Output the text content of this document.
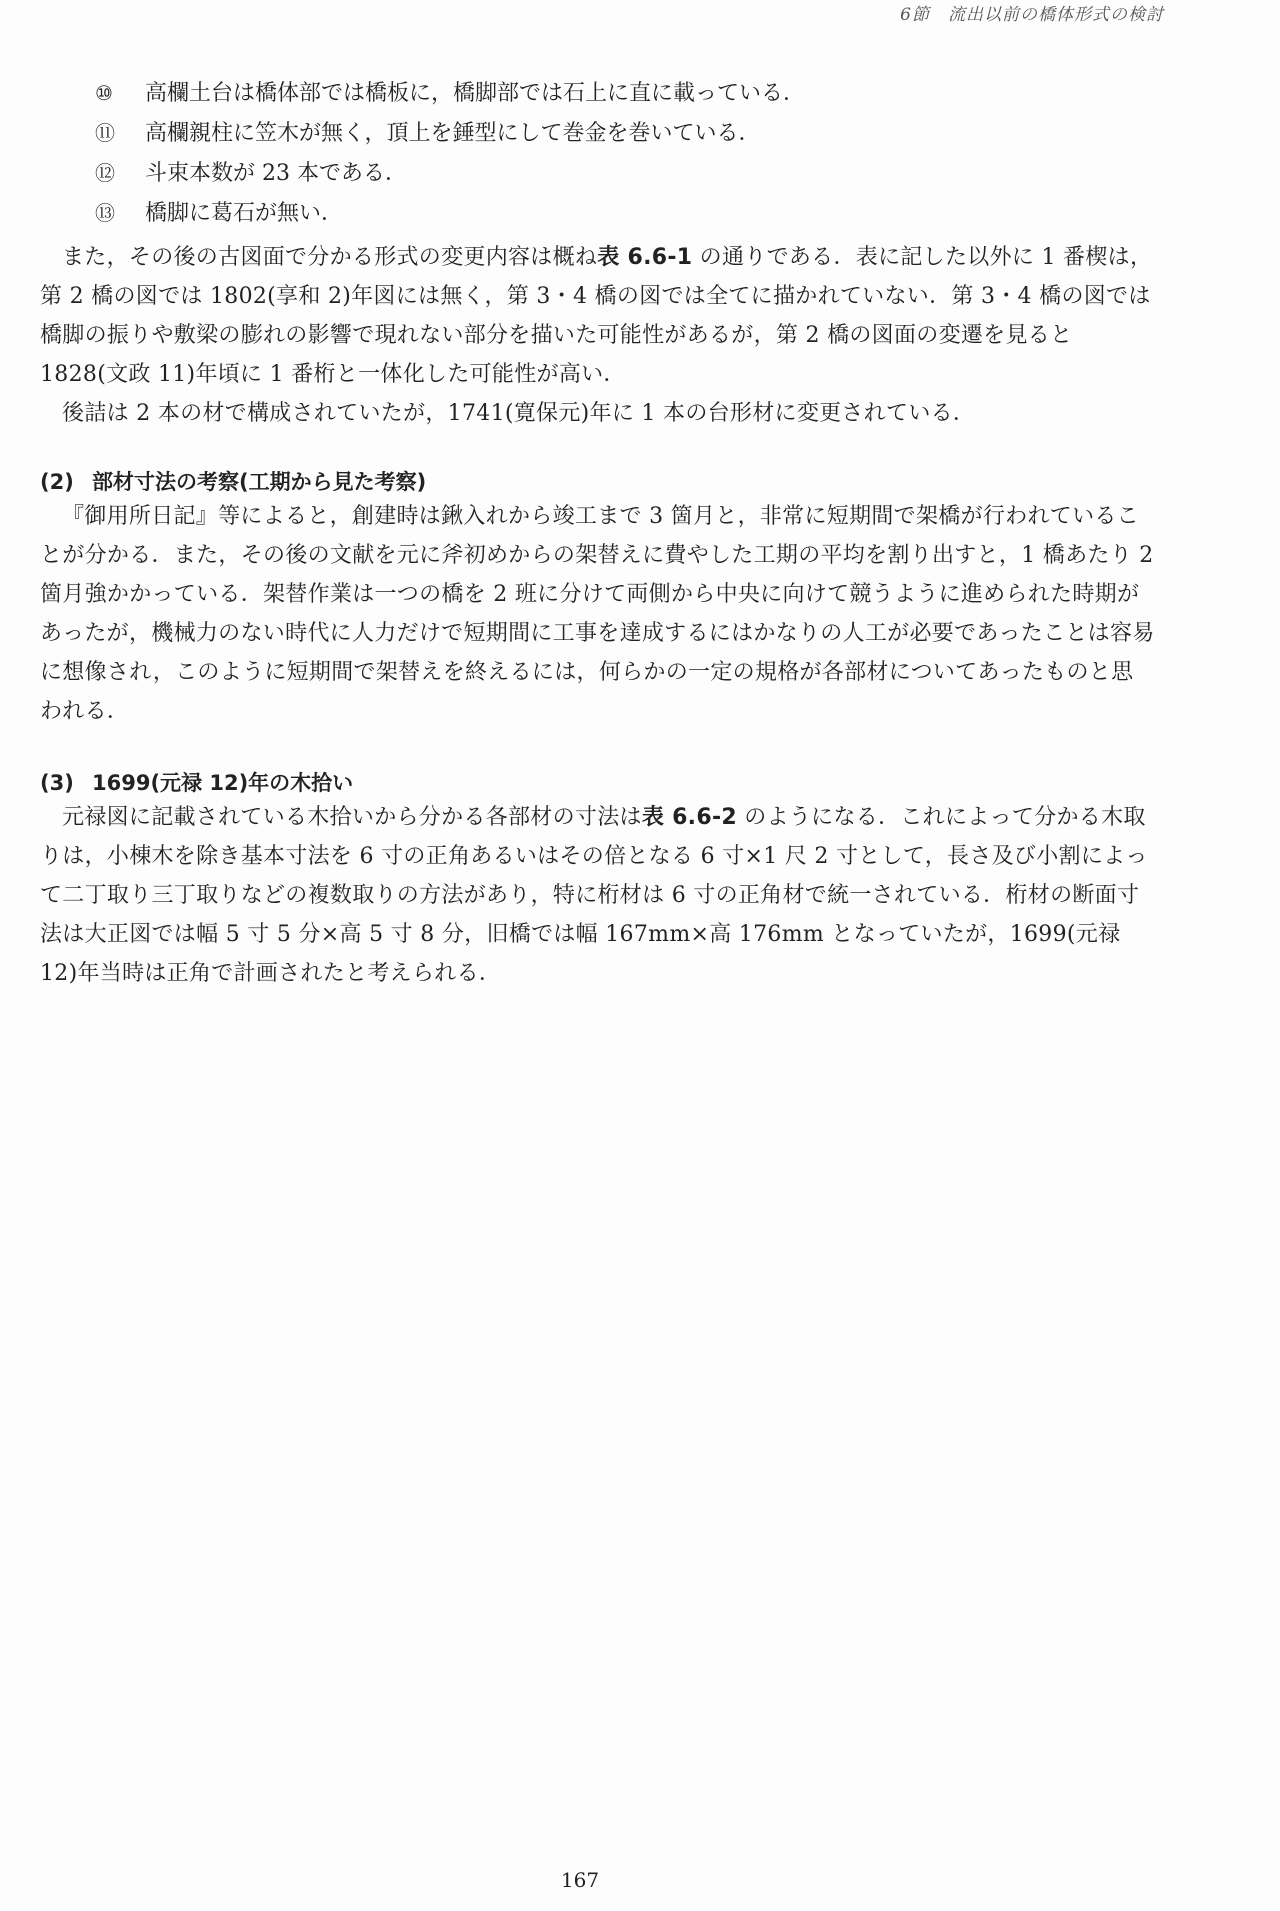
6節　流出以前の橋体形式の検討
⑩	高欄土台は橋体部では橋板に，橋脚部では石上に直に載っている．
⑪	高欄親柱に笠木が無く，頂上を錘型にして巻金を巻いている．
⑫	斗束本数が 23 本である．
⑬	橋脚に葛石が無い．

また，その後の古図面で分かる形式の変更内容は概ね表 6.6-1 の通りである．表に記した以外に 1 番楔は，第 2 橋の図では 1802(享和 2)年図には無く，第 3・4 橋の図では全てに描かれていない．第 3・4 橋の図では橋脚の振りや敷梁の膨れの影響で現れない部分を描いた可能性があるが，第 2 橋の図面の変遷を見ると 1828(文政 11)年頃に 1 番桁と一体化した可能性が高い．

後詰は 2 本の材で構成されていたが，1741(寛保元)年に 1 本の台形材に変更されている．

(2) 部材寸法の考察(工期から見た考察)

『御用所日記』等によると，創建時は鍬入れから竣工まで 3 箇月と，非常に短期間で架橋が行われていることが分かる．また，その後の文献を元に斧初めからの架替えに費やした工期の平均を割り出すと，1 橋あたり 2 箇月強かかっている．架替作業は一つの橋を 2 班に分けて両側から中央に向けて競うように進められた時期があったが，機械力のない時代に人力だけで短期間に工事を達成するにはかなりの人工が必要であったことは容易に想像され，このように短期間で架替えを終えるには，何らかの一定の規格が各部材についてあったものと思われる．

(3) 1699(元禄 12)年の木拾い

元禄図に記載されている木拾いから分かる各部材の寸法は表 6.6-2 のようになる．これによって分かる木取りは，小棟木を除き基本寸法を 6 寸の正角あるいはその倍となる 6 寸×1 尺 2 寸として，長さ及び小割によって二丁取り三丁取りなどの複数取りの方法があり，特に桁材は 6 寸の正角材で統一されている．桁材の断面寸法は大正図では幅 5 寸 5 分×高 5 寸 8 分，旧橋では幅 167mm×高 176mm となっていたが，1699(元禄 12)年当時は正角で計画されたと考えられる．

167
